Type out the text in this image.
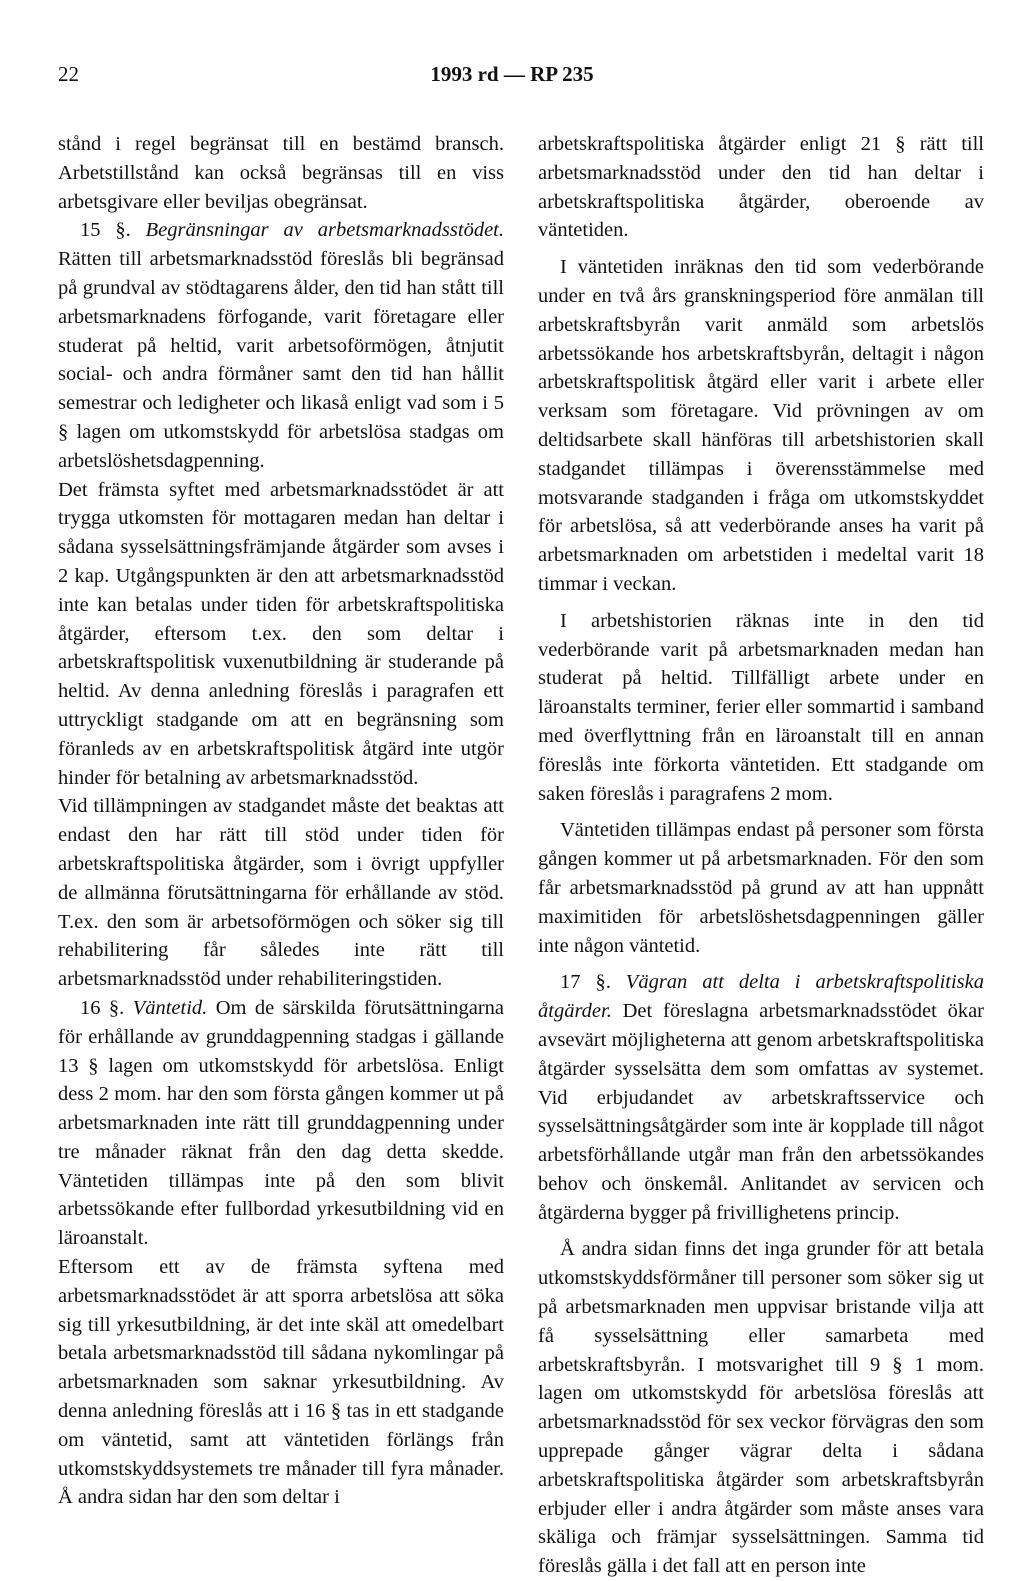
22	1993 rd — RP 235

stånd i regel begränsat till en bestämd bransch. Arbetstillstånd kan också begränsas till en viss arbetsgivare eller beviljas obegränsat.

15 §. Begränsningar av arbetsmarknadsstödet. Rätten till arbetsmarknadsstöd föreslås bli begränsad på grundval av stödtagarens ålder, den tid han stått till arbetsmarknadens förfogande, varit företagare eller studerat på heltid, varit arbetsoförmögen, åtnjutit social- och andra förmåner samt den tid han hållit semestrar och ledigheter och likaså enligt vad som i 5 § lagen om utkomstskydd för arbetslösa stadgas om arbetslöshetsdagpenning.

Det främsta syftet med arbetsmarknadsstödet är att trygga utkomsten för mottagaren medan han deltar i sådana sysselsättningsfrämjande åtgärder som avses i 2 kap. Utgångspunkten är den att arbetsmarknadsstöd inte kan betalas under tiden för arbetskraftspolitiska åtgärder, eftersom t.ex. den som deltar i arbetskraftspolitisk vuxenutbildning är studerande på heltid. Av denna anledning föreslås i paragrafen ett uttryckligt stadgande om att en begränsning som föranleds av en arbetskraftspolitisk åtgärd inte utgör hinder för betalning av arbetsmarknadsstöd.

Vid tillämpningen av stadgandet måste det beaktas att endast den har rätt till stöd under tiden för arbetskraftspolitiska åtgärder, som i övrigt uppfyller de allmänna förutsättningarna för erhållande av stöd. T.ex. den som är arbetsoförmögen och söker sig till rehabilitering får således inte rätt till arbetsmarknadsstöd under rehabiliteringstiden.

16 §. Väntetid. Om de särskilda förutsättningarna för erhållande av grunddagpenning stadgas i gällande 13 § lagen om utkomstskydd för arbetslösa. Enligt dess 2 mom. har den som första gången kommer ut på arbetsmarknaden inte rätt till grunddagpenning under tre månader räknat från den dag detta skedde. Väntetiden tillämpas inte på den som blivit arbetssökande efter fullbordad yrkesutbildning vid en läroanstalt.

Eftersom ett av de främsta syftena med arbetsmarknadsstödet är att sporra arbetslösa att söka sig till yrkesutbildning, är det inte skäl att omedelbart betala arbetsmarknadsstöd till sådana nykomlingar på arbetsmarknaden som saknar yrkesutbildning. Av denna anledning föreslås att i 16 § tas in ett stadgande om väntetid, samt att väntetiden förlängs från utkomstskyddsystemets tre månader till fyra månader. Å andra sidan har den som deltar i

arbetskraftspolitiska åtgärder enligt 21 § rätt till arbetsmarknadsstöd under den tid han deltar i arbetskraftspolitiska åtgärder, oberoende av väntetiden.

I väntetiden inräknas den tid som vederbörande under en två års granskningsperiod före anmälan till arbetskraftsbyrån varit anmäld som arbetslös arbetssökande hos arbetskraftsbyrån, deltagit i någon arbetskraftspolitisk åtgärd eller varit i arbete eller verksam som företagare. Vid prövningen av om deltidsarbete skall hänföras till arbetshistorien skall stadgandet tillämpas i överensstämmelse med motsvarande stadganden i fråga om utkomstskyddet för arbetslösa, så att vederbörande anses ha varit på arbetsmarknaden om arbetstiden i medeltal varit 18 timmar i veckan.

I arbetshistorien räknas inte in den tid vederbörande varit på arbetsmarknaden medan han studerat på heltid. Tillfälligt arbete under en läroanstalts terminer, ferier eller sommartid i samband med överflyttning från en läroanstalt till en annan föreslås inte förkorta väntetiden. Ett stadgande om saken föreslås i paragrafens 2 mom.

Väntetiden tillämpas endast på personer som första gången kommer ut på arbetsmarknaden. För den som får arbetsmarknadsstöd på grund av att han uppnått maximitiden för arbetslöshetsdagpenningen gäller inte någon väntetid.

17 §. Vägran att delta i arbetskraftspolitiska åtgärder. Det föreslagna arbetsmarknadsstödet ökar avsevärt möjligheterna att genom arbetskraftspolitiska åtgärder sysselsätta dem som omfattas av systemet. Vid erbjudandet av arbetskraftsservice och sysselsättningsåtgärder som inte är kopplade till något arbetsförhållande utgår man från den arbetssökandes behov och önskemål. Anlitandet av servicen och åtgärderna bygger på frivillighetens princip.

Å andra sidan finns det inga grunder för att betala utkomstskyddsförmåner till personer som söker sig ut på arbetsmarknaden men uppvisar bristande vilja att få sysselsättning eller samarbeta med arbetskraftsbyrån. I motsvarighet till 9 § 1 mom. lagen om utkomstskydd för arbetslösa föreslås att arbetsmarknadsstöd för sex veckor förvägras den som upprepade gånger vägrar delta i sådana arbetskraftspolitiska åtgärder som arbetskraftsbyrån erbjuder eller i andra åtgärder som måste anses vara skäliga och främjar sysselsättningen. Samma tid föreslås gälla i det fall att en person inte
